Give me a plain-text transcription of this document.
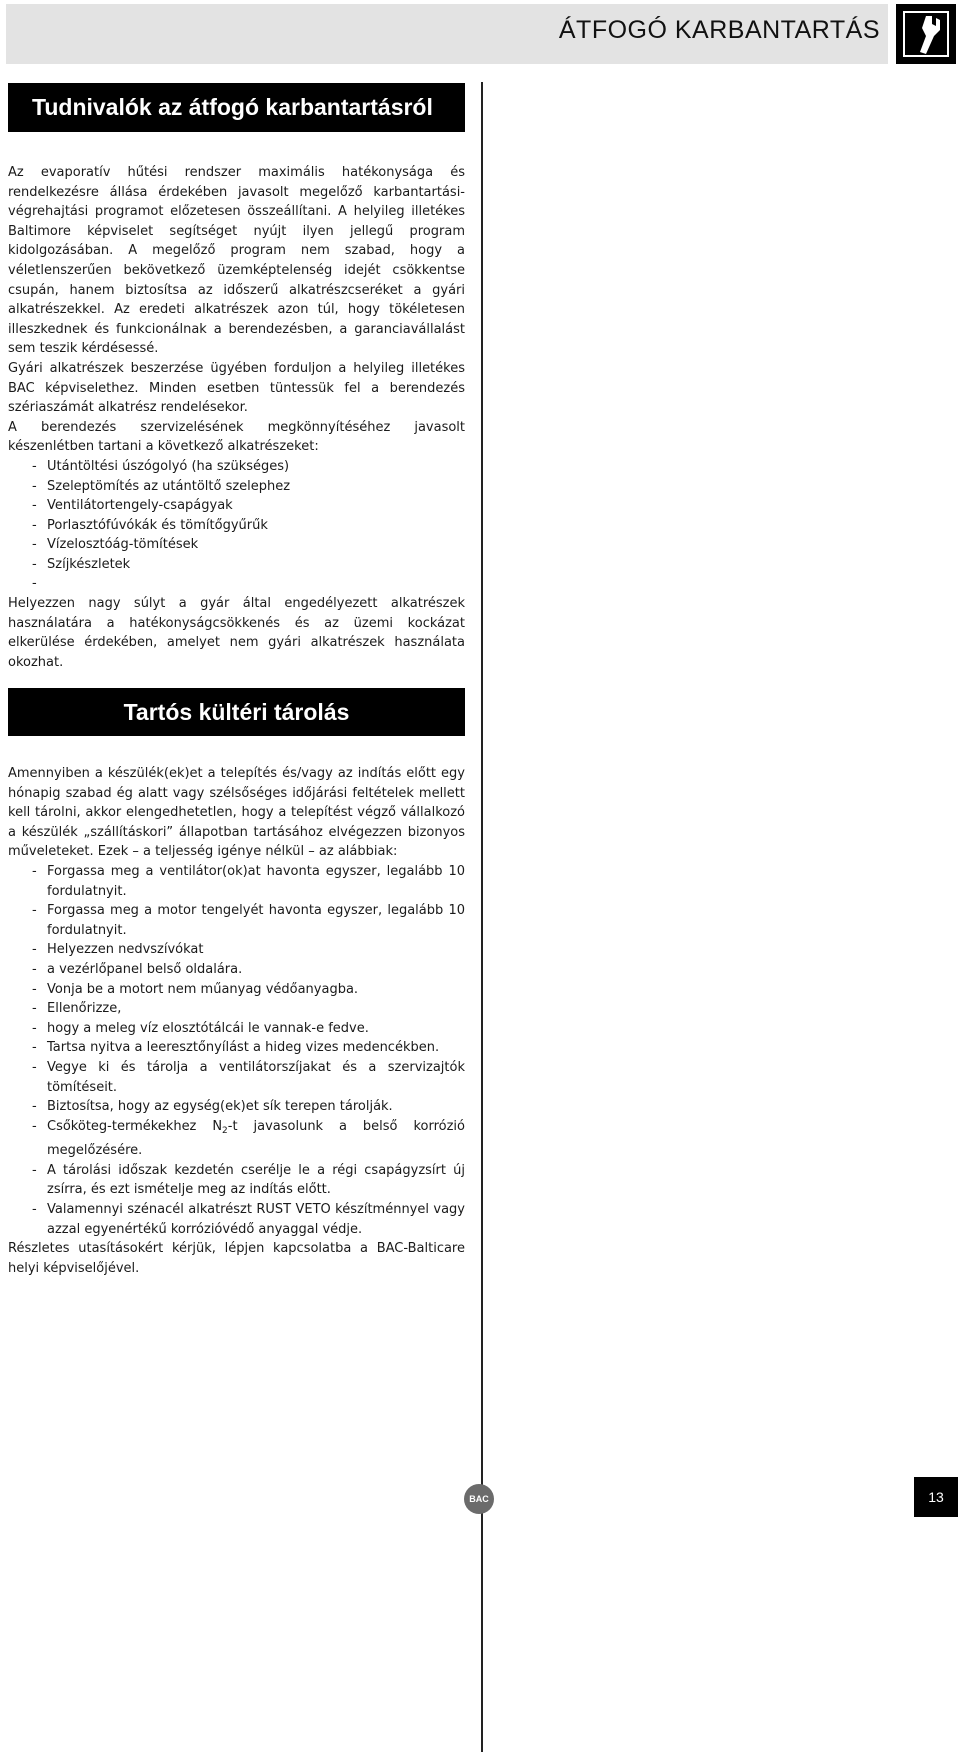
ÁTFOGÓ KARBANTARTÁS
Tudnivalók az átfogó karbantartásról

Az evaporatív hűtési rendszer maximális hatékonysága és rendelkezésre állása érdekében javasolt megelőző karbantartási-végrehajtási programot előzetesen összeállítani. A helyileg illetékes Baltimore képviselet segítséget nyújt ilyen jellegű program kidolgozásában. A megelőző program nem szabad, hogy a véletlenszerűen bekövetkező üzemképtelenség idejét csökkentse csupán, hanem biztosítsa az időszerű alkatrészcseréket a gyári alkatrészekkel. Az eredeti alkatrészek azon túl, hogy tökéletesen illeszkednek és funkcionálnak a berendezésben, a garanciavállalást sem teszik kérdésessé.

Gyári alkatrészek beszerzése ügyében forduljon a helyileg illetékes BAC képviselethez. Minden esetben tüntessük fel a berendezés szériaszámát alkatrész rendelésekor.

A berendezés szervizelésének megkönnyítéséhez javasolt készenlétben tartani a következő alkatrészeket:

- Utántöltési úszógolyó (ha szükséges)
- Szeleptömítés az utántöltő szelephez
- Ventilátortengely-csapágyak
- Porlasztófúvókák és tömítőgyűrűk
- Vízelosztóág-tömítések
- Szíjkészletek
-

Helyezzen nagy súlyt a gyár által engedélyezett alkatrészek használatára a hatékonyságcsökkenés és az üzemi kockázat elkerülése érdekében, amelyet nem gyári alkatrészek használata okozhat.

Tartós kültéri tárolás

Amennyiben a készülék(ek)et a telepítés és/vagy az indítás előtt egy hónapig szabad ég alatt vagy szélsőséges időjárási feltételek mellett kell tárolni, akkor elengedhetetlen, hogy a telepítést végző vállalkozó a készülék „szállításkori” állapotban tartásához elvégezzen bizonyos műveleteket. Ezek – a teljesség igénye nélkül – az alábbiak:

- Forgassa meg a ventilátor(ok)at havonta egyszer, legalább 10 fordulatnyit.
- Forgassa meg a motor tengelyét havonta egyszer, legalább 10 fordulatnyit.
- Helyezzen nedvszívókat
- a vezérlőpanel belső oldalára.
- Vonja be a motort nem műanyag védőanyagba.
- Ellenőrizze,
- hogy a meleg víz elosztótálcái le vannak-e fedve.
- Tartsa nyitva a leeresztőnyílást a hideg vizes medencékben.
- Vegye ki és tárolja a ventilátorszíjakat és a szervizajtók tömítéseit.
- Biztosítsa, hogy az egység(ek)et sík terepen tárolják.
- Csőköteg-termékekhez $N_2-t$ javasolunk a belső korrózió megelőzésére.
- A tárolási időszak kezdetén cserélje le a régi csapágyzsírt új zsírra, és ezt ismételje meg az indítás előtt.
- Valamennyi szénacél alkatrészt RUST VETO készítménnyel vagy azzal egyenértékű korrózióvédő anyaggal védje.

Részletes utasításokért kérjük, lépjen kapcsolatba a BAC-Balticare helyi képviselőjével.

BAC	13
